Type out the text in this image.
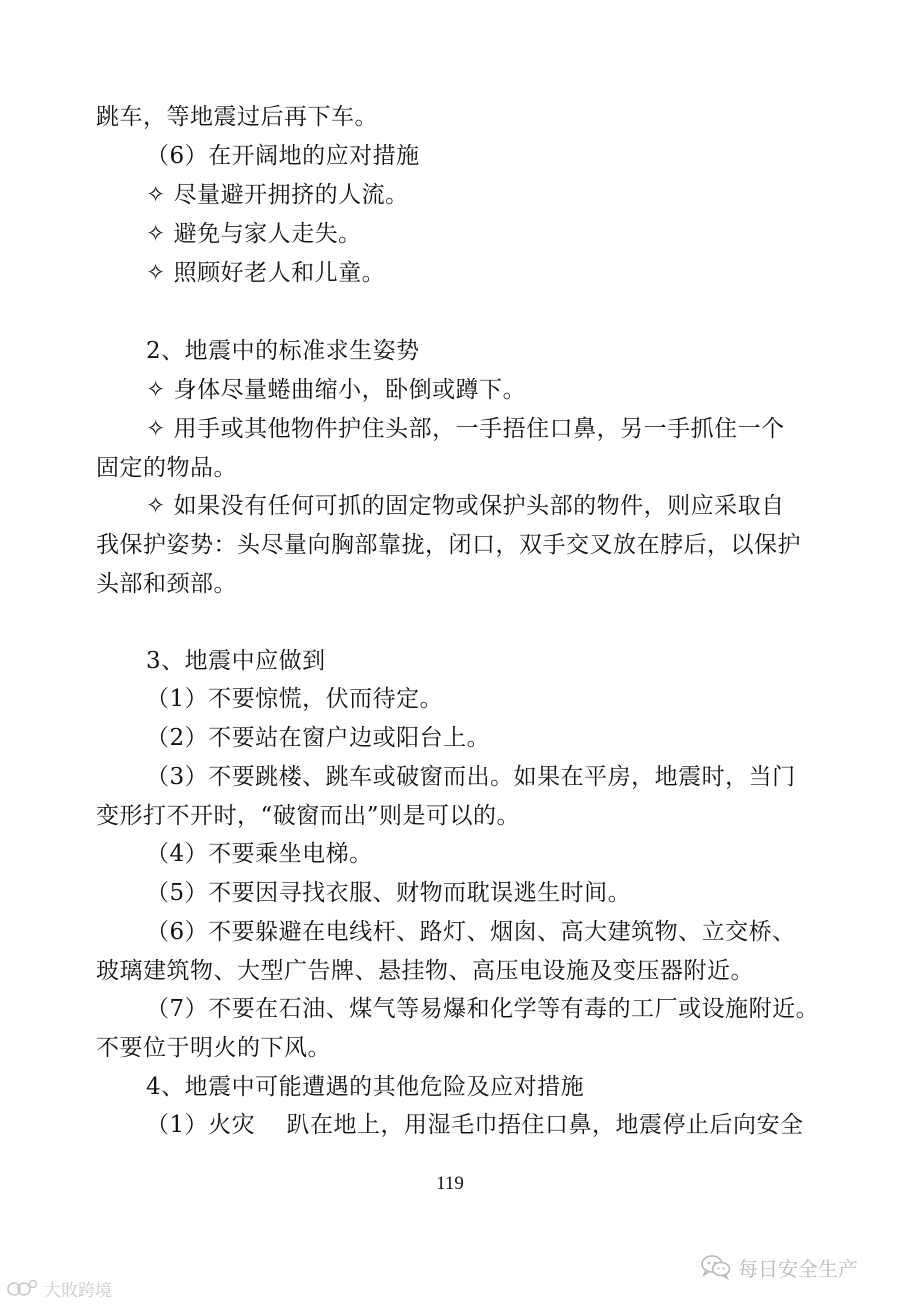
跳车，等地震过后再下车。
（6）在开阔地的应对措施
✧ 尽量避开拥挤的人流。
✧ 避免与家人走失。
✧ 照顾好老人和儿童。
2、地震中的标准求生姿势
✧ 身体尽量蜷曲缩小，卧倒或蹲下。
✧ 用手或其他物件护住头部，一手捂住口鼻，另一手抓住一个
固定的物品。
✧ 如果没有任何可抓的固定物或保护头部的物件，则应采取自
我保护姿势：头尽量向胸部靠拢，闭口，双手交叉放在脖后，以保护
头部和颈部。
3、地震中应做到
（1）不要惊慌，伏而待定。
（2）不要站在窗户边或阳台上。
（3）不要跳楼、跳车或破窗而出。如果在平房，地震时，当门
变形打不开时，“破窗而出”则是可以的。
（4）不要乘坐电梯。
（5）不要因寻找衣服、财物而耽误逃生时间。
（6）不要躲避在电线杆、路灯、烟囱、高大建筑物、立交桥、
玻璃建筑物、大型广告牌、悬挂物、高压电设施及变压器附近。
（7）不要在石油、煤气等易爆和化学等有毒的工厂或设施附近。
不要位于明火的下风。
4、地震中可能遭遇的其他危险及应对措施
（1）火灾　 趴在地上，用湿毛巾捂住口鼻，地震停止后向安全
119
每日安全生产
大敗跨境
